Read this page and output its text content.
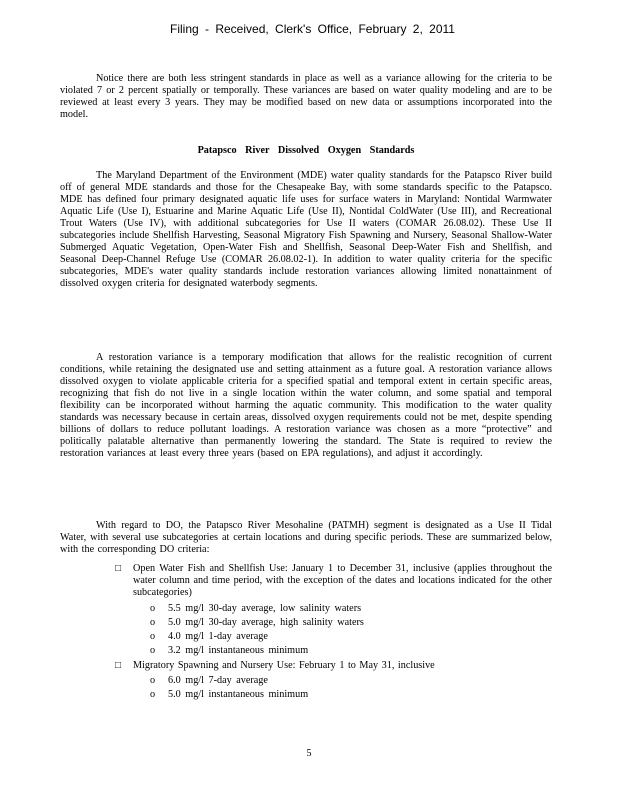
Filing - Received, Clerk's Office, February 2, 2011

Notice there are both less stringent standards in place as well as a variance allowing for the criteria to be violated 7 or 2 percent spatially or temporally. These variances are based on water quality modeling and are to be reviewed at least every 3 years. They may be modified based on new data or assumptions incorporated into the model.

Patapsco River Dissolved Oxygen Standards

The Maryland Department of the Environment (MDE) water quality standards for the Patapsco River build off of general MDE standards and those for the Chesapeake Bay, with some standards specific to the Patapsco. MDE has defined four primary designated aquatic life uses for surface waters in Maryland: Nontidal Warmwater Aquatic Life (Use I), Estuarine and Marine Aquatic Life (Use II), Nontidal ColdWater (Use III), and Recreational Trout Waters (Use IV), with additional subcategories for Use II waters (COMAR 26.08.02). These Use II subcategories include Shellfish Harvesting, Seasonal Migratory Fish Spawning and Nursery, Seasonal Shallow-Water Submerged Aquatic Vegetation, Open-Water Fish and Shellfish, Seasonal Deep-Water Fish and Shellfish, and Seasonal Deep-Channel Refuge Use (COMAR 26.08.02-1). In addition to water quality criteria for the specific subcategories, MDE's water quality standards include restoration variances allowing limited nonattainment of dissolved oxygen criteria for designated waterbody segments.

A restoration variance is a temporary modification that allows for the realistic recognition of current conditions, while retaining the designated use and setting attainment as a future goal. A restoration variance allows dissolved oxygen to violate applicable criteria for a specified spatial and temporal extent in certain specific areas, recognizing that fish do not live in a single location within the water column, and some spatial and temporal flexibility can be incorporated without harming the aquatic community. This modification to the water quality standards was necessary because in certain areas, dissolved oxygen requirements could not be met, despite spending billions of dollars to reduce pollutant loadings. A restoration variance was chosen as a more “protective” and politically palatable alternative than permanently lowering the standard. The State is required to review the restoration variances at least every three years (based on EPA regulations), and adjust it accordingly.

With regard to DO, the Patapsco River Mesohaline (PATMH) segment is designated as a Use II Tidal Water, with several use subcategories at certain locations and during specific periods. These are summarized below, with the corresponding DO criteria:

□	Open Water Fish and Shellfish Use: January 1 to December 31, inclusive (applies throughout the water column and time period, with the exception of the dates and locations indicated for the other subcategories)
o 5.5 mg/l 30-day average, low salinity waters
o 5.0 mg/l 30-day average, high salinity waters
o 4.0 mg/l 1-day average
o 3.2 mg/l instantaneous minimum
□	Migratory Spawning and Nursery Use: February 1 to May 31, inclusive
o 6.0 mg/l 7-day average
o 5.0 mg/l instantaneous minimum
5
